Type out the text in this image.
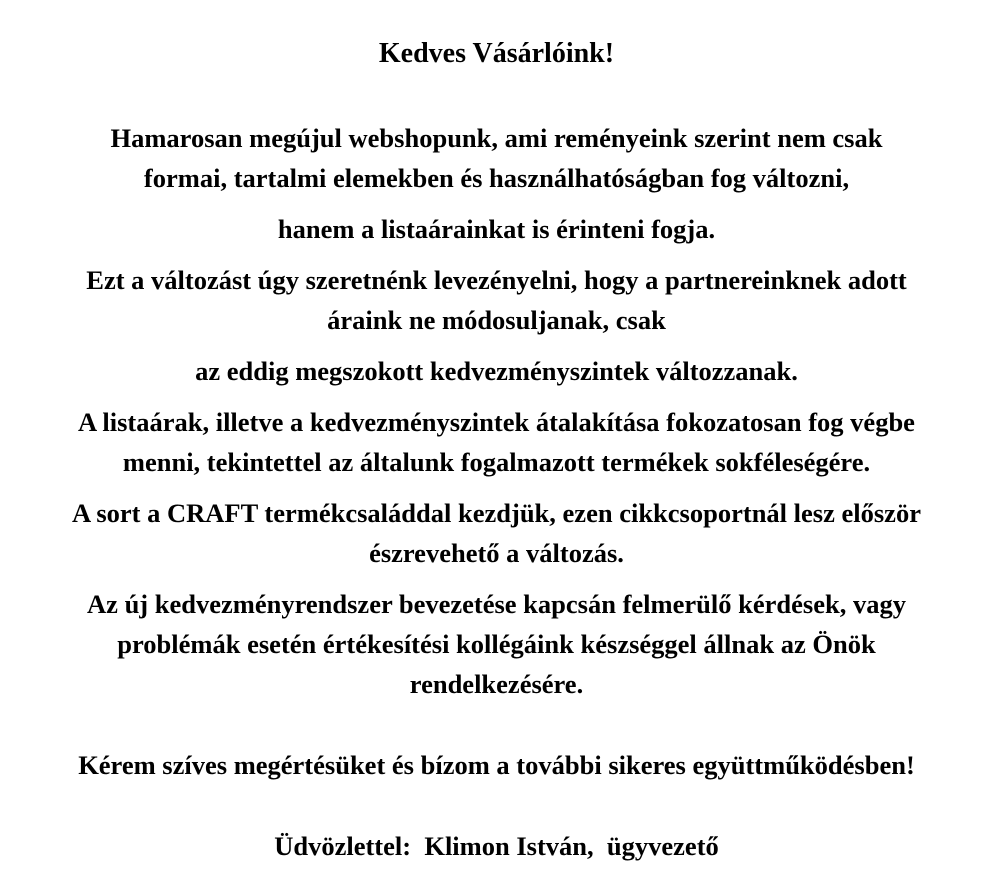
Kedves Vásárlóink!
Hamarosan megújul webshopunk, ami reményeink szerint nem csak
formai, tartalmi elemekben és használhatóságban fog változni,
hanem a listaárainkat is érinteni fogja.
Ezt a változást úgy szeretnénk levezényelni, hogy a partnereinknek adott
áraink ne módosuljanak, csak
az eddig megszokott kedvezményszintek változzanak.
A listaárak, illetve a kedvezményszintek átalakítása fokozatosan fog végbe
menni, tekintettel az általunk fogalmazott termékek sokféleségére.
A sort a CRAFT termékcsaláddal kezdjük, ezen cikkcsoportnál lesz először
észrevehető a változás.
Az új kedvezményrendszer bevezetése kapcsán felmerülő kérdések, vagy
problémák esetén értékesítési kollégáink készséggel állnak az Önök
rendelkezésére.
Kérem szíves megértésüket és bízom a további sikeres együttműködésben!
Üdvözlettel:  Klimon István,  ügyvezető
